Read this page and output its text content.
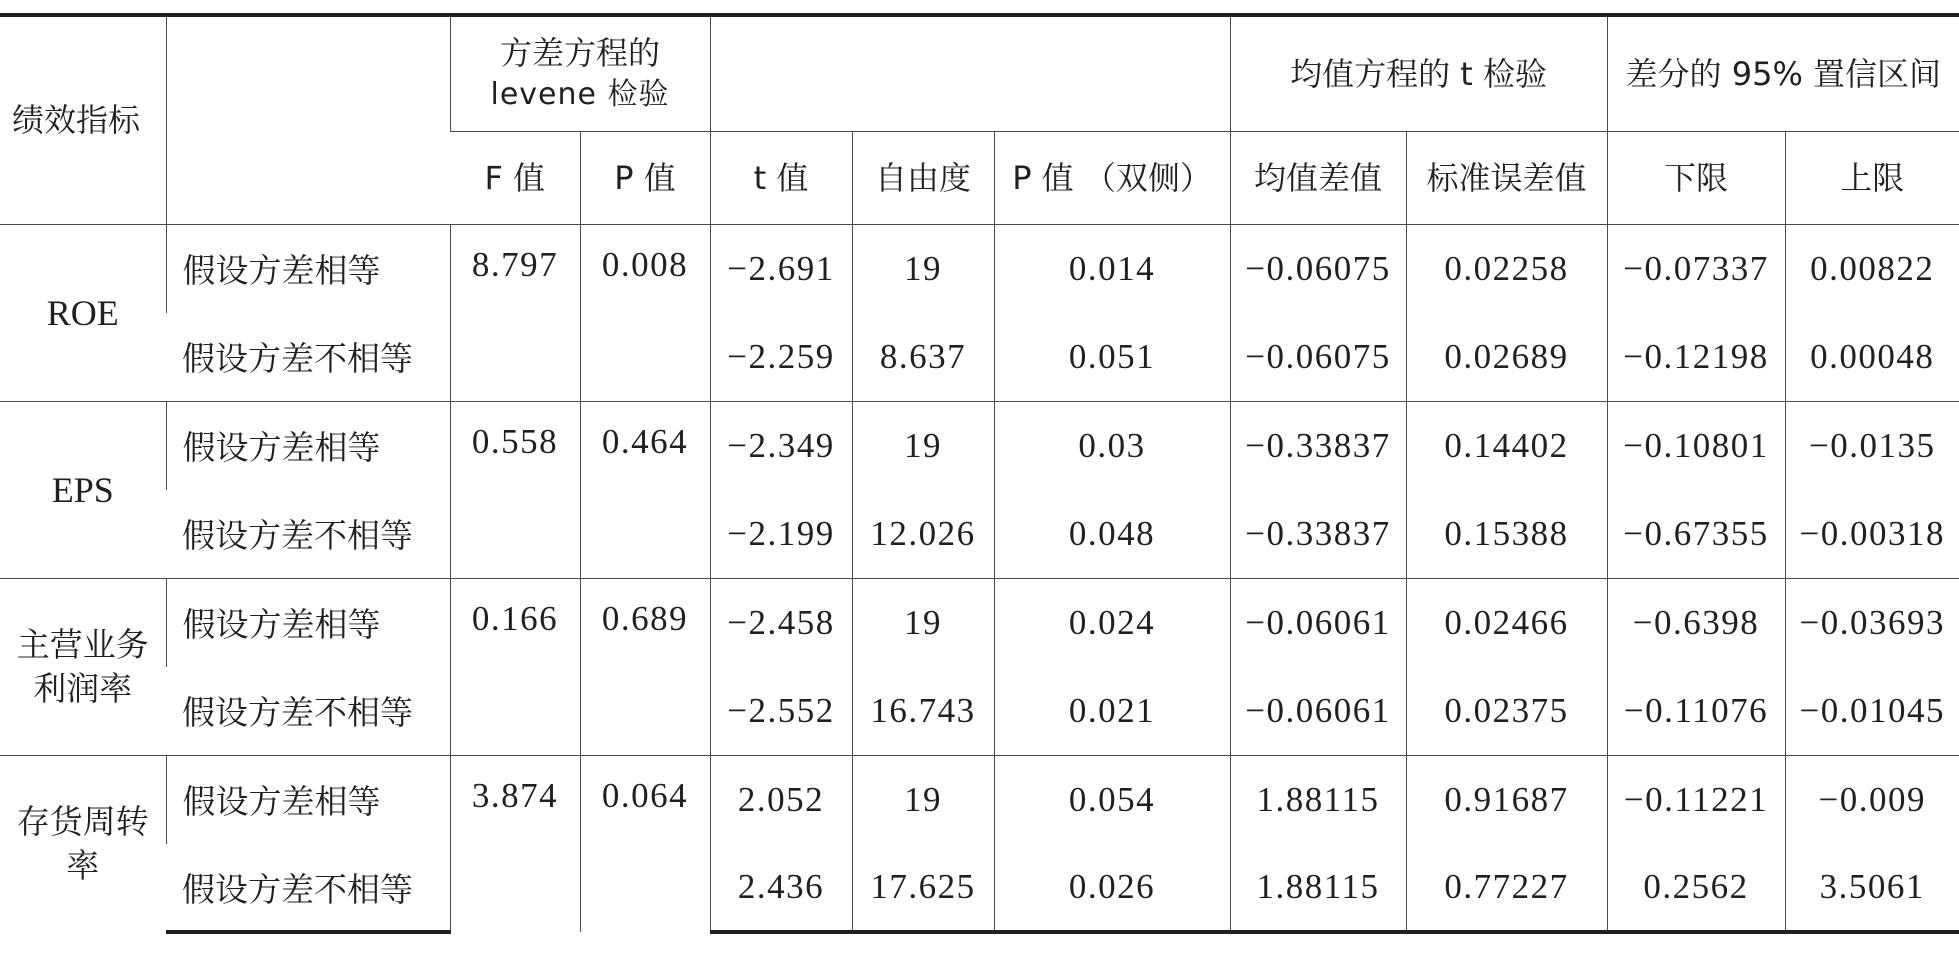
绩效指标		方差方程的
levene 检验					均值方程的 t 检验		差分的 95% 置信区间	
		F 值	P 值	t 值	自由度	P 值 （双侧）	均值差值	标准误差值	下限	上限

ROE	假设方差相等	8.797	0.008	−2.691	19	0.014	−0.06075	0.02258	−0.07337	0.00822
	假设方差不相等			−2.259	8.637	0.051	−0.06075	0.02689	−0.12198	0.00048

EPS	假设方差相等	0.558	0.464	−2.349	19	0.03	−0.33837	0.14402	−0.10801	−0.0135
	假设方差不相等			−2.199	12.026	0.048	−0.33837	0.15388	−0.67355	−0.00318

主营业务
利润率	假设方差相等	0.166	0.689	−2.458	19	0.024	−0.06061	0.02466	−0.6398	−0.03693
	假设方差不相等			−2.552	16.743	0.021	−0.06061	0.02375	−0.11076	−0.01045

存货周转
率	假设方差相等	3.874	0.064	2.052	19	0.054	1.88115	0.91687	−0.11221	−0.009
	假设方差不相等			2.436	17.625	0.026	1.88115	0.77227	0.2562	3.5061
